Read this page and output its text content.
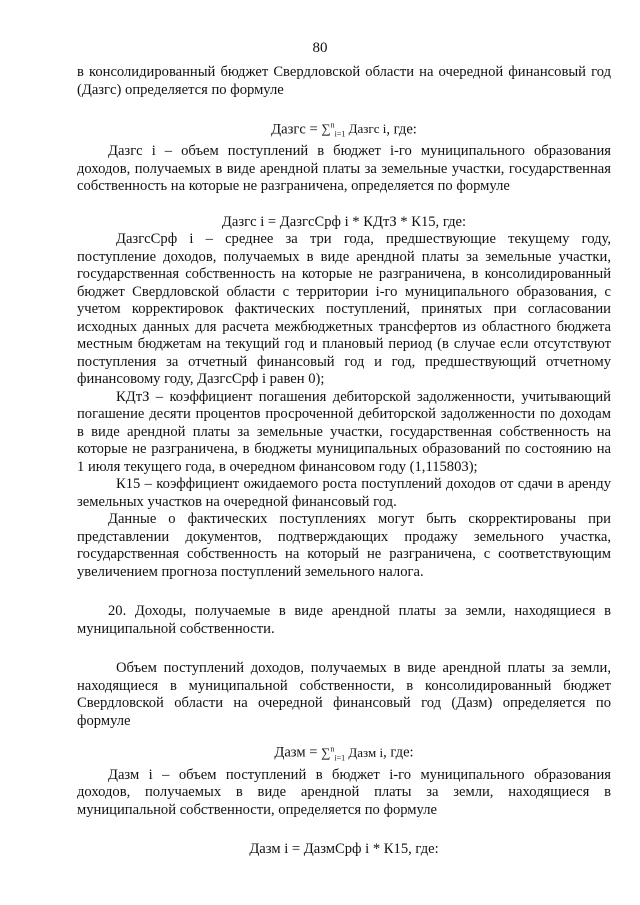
80

в консолидированный бюджет Свердловской области на очередной финансовый год (Дазгс) определяется по формуле

Дазгс = ∑$^n_{i=1}$ Дазгс i, где:

Дазгс i – объем поступлений в бюджет i-го муниципального образования доходов, получаемых в виде арендной платы за земельные участки, государственная собственность на которые не разграничена, определяется по формуле

Дазгс i = ДазгсСрф i * КДтЗ * К15, где:

ДазгсСрф i – среднее за три года, предшествующие текущему году, поступление доходов, получаемых в виде арендной платы за земельные участки, государственная собственность на которые не разграничена, в консолидированный бюджет Свердловской области с территории i-го муниципального образования, с учетом корректировок фактических поступлений, принятых при согласовании исходных данных для расчета межбюджетных трансфертов из областного бюджета местным бюджетам на текущий год и плановый период (в случае если отсутствуют поступления за отчетный финансовый год и год, предшествующий отчетному финансовому году, ДазгсСрф i равен 0);

КДтЗ – коэффициент погашения дебиторской задолженности, учитывающий погашение десяти процентов просроченной дебиторской задолженности по доходам в виде арендной платы за земельные участки, государственная собственность на которые не разграничена, в бюджеты муниципальных образований по состоянию на 1 июля текущего года, в очередном финансовом году (1,115803);

К15 – коэффициент ожидаемого роста поступлений доходов от сдачи в аренду земельных участков на очередной финансовый год.

Данные о фактических поступлениях могут быть скорректированы при представлении документов, подтверждающих продажу земельного участка, государственная собственность на который не разграничена, с соответствующим увеличением прогноза поступлений земельного налога.

20. Доходы, получаемые в виде арендной платы за земли, находящиеся в муниципальной собственности.

Объем поступлений доходов, получаемых в виде арендной платы за земли, находящиеся в муниципальной собственности, в консолидированный бюджет Свердловской области на очередной финансовый год (Дазм) определяется по формуле

Дазм = ∑$^n_{i=1}$ Дазм i, где:

Дазм i – объем поступлений в бюджет i-го муниципального образования доходов, получаемых в виде арендной платы за земли, находящиеся в муниципальной собственности, определяется по формуле

Дазм i = ДазмСрф i * К15, где:
